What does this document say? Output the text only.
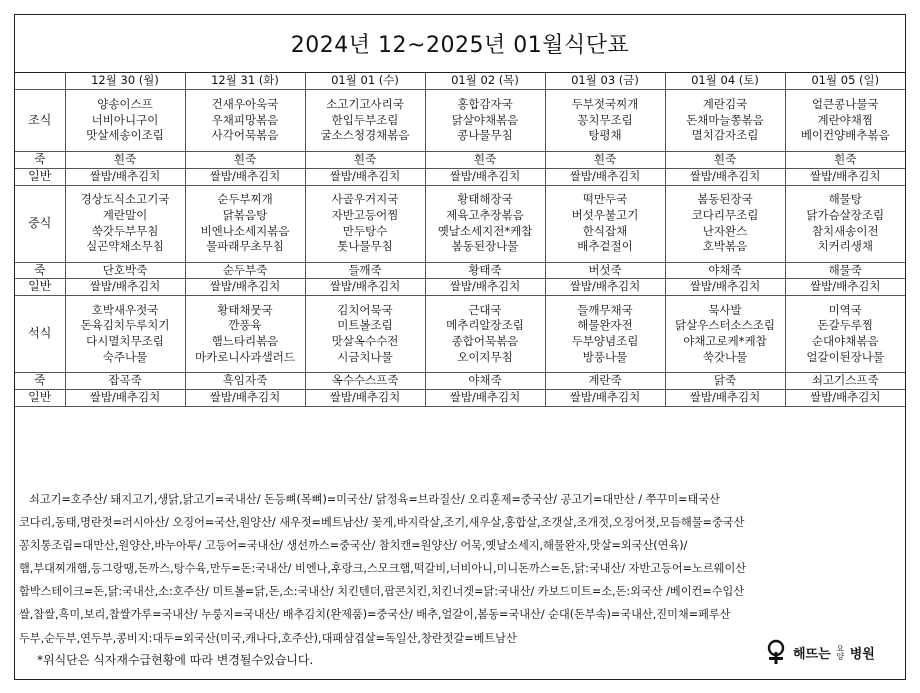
2024년 12~2025년 01월식단표
	12월 30 (월)	12월 31 (화)	01월 01 (수)	01월 02 (목)	01월 03 (금)	01월 04 (토)	01월 05 (일)
조식	양송이스프
너비아니구이
맛살세송이조림	건새우아욱국
우채피망볶음
사각어묵볶음	소고기고사리국
한입두부조림
굴소스청경채볶음	홍합감자국
닭살야채볶음
콩나물무침	두부젓국찌개
꽁치무조림
탕평채	계란김국
돈채마늘쫑볶음
멸치감자조림	얼큰콩나물국
계란야채찜
베이컨양배추볶음

죽	흰죽	흰죽	흰죽	흰죽	흰죽	흰죽	흰죽

일반	쌀밥/배추김치	쌀밥/배추김치	쌀밥/배추김치	쌀밥/배추김치	쌀밥/배추김치	쌀밥/배추김치	쌀밥/배추김치

중식	경상도식소고기국
계란말이
쑥갓두부무침
실곤약채소무침	순두부찌개
닭볶음탕
비엔나소세지볶음
물파래무초무침	사골우거지국
자반고등어찜
만두탕수
톳나물무침	황태해장국
제육고추장볶음
옛날소세지전*케찹
봄동된장나물	떡만두국
버섯우불고기
한식잡채
배추겉절이	봄동된장국
코다리무조림
난자완스
호박볶음	해물탕
닭가슴살장조림
참치새송이전
치커리생채

죽	단호박죽	순두부죽	들깨죽	황태죽	버섯죽	야채죽	해물죽

일반	쌀밥/배추김치	쌀밥/배추김치	쌀밥/배추김치	쌀밥/배추김치	쌀밥/배추김치	쌀밥/배추김치	쌀밥/배추김치

석식	호박새우젓국
돈육김치두루치기
다시멸치무조림
숙주나물	황태채뭇국
깐풍육
햄느타리볶음
마카로니사과샐러드	김치어묵국
미트볼조림
맛살옥수수전
시금치나물	근대국
메추리알장조림
종합어묵볶음
오이지무침	들깨무채국
해물완자전
두부양념조림
방풍나물	묵사발
닭살우스터소스조림
야채고로케*케찹
쑥갓나물	미역국
돈갈두루찜
순대야채볶음
얼갈이된장나물

죽	잡곡죽	흑임자죽	옥수수스프죽	야채죽	계란죽	닭죽	쇠고기스프죽

일반	쌀밥/배추김치	쌀밥/배추김치	쌀밥/배추김치	쌀밥/배추김치	쌀밥/배추김치	쌀밥/배추김치	쌀밥/배추김치
쇠고기=호주산/ 돼지고기,생닭,닭고기=국내산/ 돈등뼈(목뼈)=미국산/ 닭정육=브라질산/ 오리훈제=중국산/ 공고기=대만산 / 쭈꾸미=태국산
코다리,동태,명란젓=러시아산/ 오징어=국산,원양산/ 새우젓=베트남산/ 꽃게,바지락살,조기,새우살,홍합살,조갯살,조개젓,오징어젓,모듬해물=중국산
꽁치통조림=대만산,원양산,바누아투/ 고등어=국내산/ 생선까스=중국산/ 참치캔=원양산/ 어묵,옛날소세지,해물완자,맛살=외국산(연육)/
햄,부대찌개햄,등그랑땡,돈까스,탕수육,만두=돈:국내산/ 비엔나,후랑크,스모크햄,떡갈비,너비아니,미니돈까스=돈,닭:국내산/ 자반고등어=노르웨이산
함박스테이크=돈,닭:국내산,소:호주산/ 미트볼=닭,돈,소:국내산/ 치킨텐더,팝콘치킨,치킨너겟=닭:국내산/ 카보드미트=소,돈:외국산 /베이컨=수입산
쌀,찹쌀,흑미,보리,찹쌀가루=국내산/ 누룽지=국내산/ 배추김치(완제품)=중국산/ 배추,얼갈이,봄동=국내산/ 순대(돈부속)=국내산,진미채=페루산
두부,순두부,연두부,콩비지:대두=외국산(미국,캐나다,호주산),대패삼겹살=독일산,창란젓갈=베트남산
*위식단은 식자재수급현황에 따라 변경될수있습니다.	해뜨는 요양 병원
